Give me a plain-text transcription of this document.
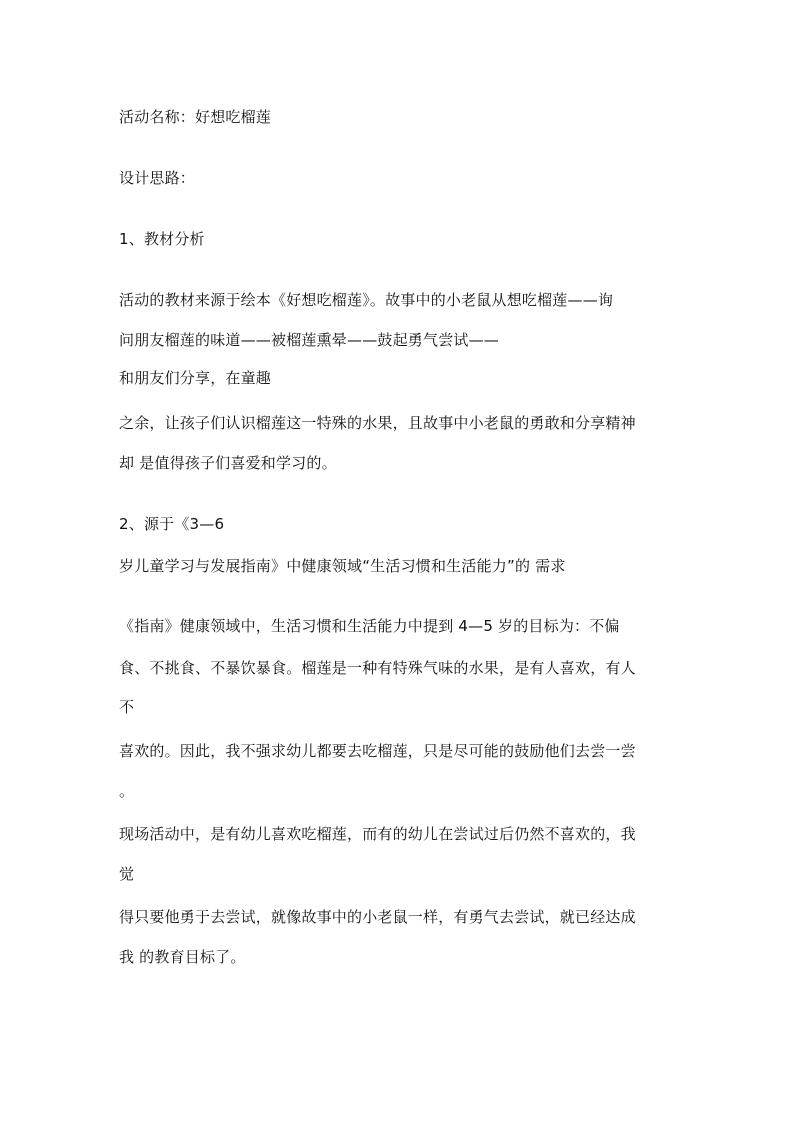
活动名称：好想吃榴莲
设计思路：
1、教材分析
活动的教材来源于绘本《好想吃榴莲》。故事中的小老鼠从想吃榴莲——询
问朋友榴莲的味道——被榴莲熏晕——鼓起勇气尝试——
和朋友们分享，在童趣
之余，让孩子们认识榴莲这一特殊的水果，且故事中小老鼠的勇敢和分享精神
却 是值得孩子们喜爱和学习的。
2、源于《3—6
岁儿童学习与发展指南》中健康领域“生活习惯和生活能力”的 需求
《指南》健康领域中，生活习惯和生活能力中提到 4—5 岁的目标为：不偏
食、不挑食、不暴饮暴食。榴莲是一种有特殊气味的水果，是有人喜欢，有人
不
喜欢的。因此，我不强求幼儿都要去吃榴莲，只是尽可能的鼓励他们去尝一尝
。
现场活动中，是有幼儿喜欢吃榴莲，而有的幼儿在尝试过后仍然不喜欢的，我
觉
得只要他勇于去尝试，就像故事中的小老鼠一样，有勇气去尝试，就已经达成
我 的教育目标了。
